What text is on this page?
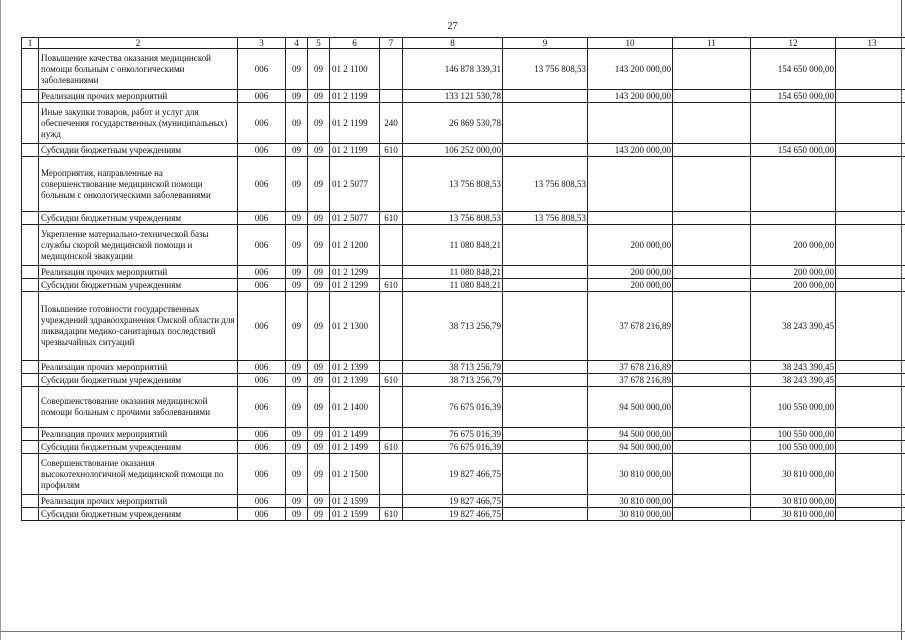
27
1	2	3	4	5	6	7	8	9	10	11	12	13
	Повышение качества оказания медицинской помощи больным с онкологическими заболеваниями	006	09	09	01 2 1100		146 878 339,31	13 756 808,53	143 200 000,00		154 650 000,00	
	Реализация прочих мероприятий	006	09	09	01 2 1199		133 121 530,78		143 200 000,00		154 650 000,00	
	Иные закупки товаров, работ и услуг для обеспечения государственных (муниципальных) нужд	006	09	09	01 2 1199	240	26 869 530,78					
	Субсидии бюджетным учреждениям	006	09	09	01 2 1199	610	106 252 000,00		143 200 000,00		154 650 000,00	
	Мероприятия, направленные на совершенствование медицинской помощи больным с онкологическими заболеваниями	006	09	09	01 2 5077		13 756 808,53	13 756 808,53				
	Субсидии бюджетным учреждениям	006	09	09	01 2 5077	610	13 756 808,53	13 756 808,53				
	Укрепление материально-технической базы службы скорой медицинской помощи и медицинской эвакуации	006	09	09	01 2 1200		11 080 848,21		200 000,00		200 000,00	
	Реализация прочих мероприятий	006	09	09	01 2 1299		11 080 848,21		200 000,00		200 000,00	
	Субсидии бюджетным учреждениям	006	09	09	01 2 1299	610	11 080 848,21		200 000,00		200 000,00	
	Повышение готовности государственных учреждений здравоохранения Омской области для ликвидации медико-санитарных последствий чрезвычайных ситуаций	006	09	09	01 2 1300		38 713 256,79		37 678 216,89		38 243 390,45	
	Реализация прочих мероприятий	006	09	09	01 2 1399		38 713 256,79		37 678 216,89		38 243 390,45	
	Субсидии бюджетным учреждениям	006	09	09	01 2 1399	610	38 713 256,79		37 678 216,89		38 243 390,45	
	Совершенствование оказания медицинской помощи больным с прочими заболеваниями	006	09	09	01 2 1400		76 675 016,39		94 500 000,00		100 550 000,00	
	Реализация прочих мероприятий	006	09	09	01 2 1499		76 675 016,39		94 500 000,00		100 550 000,00	
	Субсидии бюджетным учреждениям	006	09	09	01 2 1499	610	76 675 016,39		94 500 000,00		100 550 000,00	
	Совершенствование оказания высокотехнологичной медицинской помощи по профилям	006	09	09	01 2 1500		19 827 466,75		30 810 000,00		30 810 000,00	
	Реализация прочих мероприятий	006	09	09	01 2 1599		19 827 466,75		30 810 000,00		30 810 000,00	
	Субсидии бюджетным учреждениям	006	09	09	01 2 1599	610	19 827 466,75		30 810 000,00		30 810 000,00	
